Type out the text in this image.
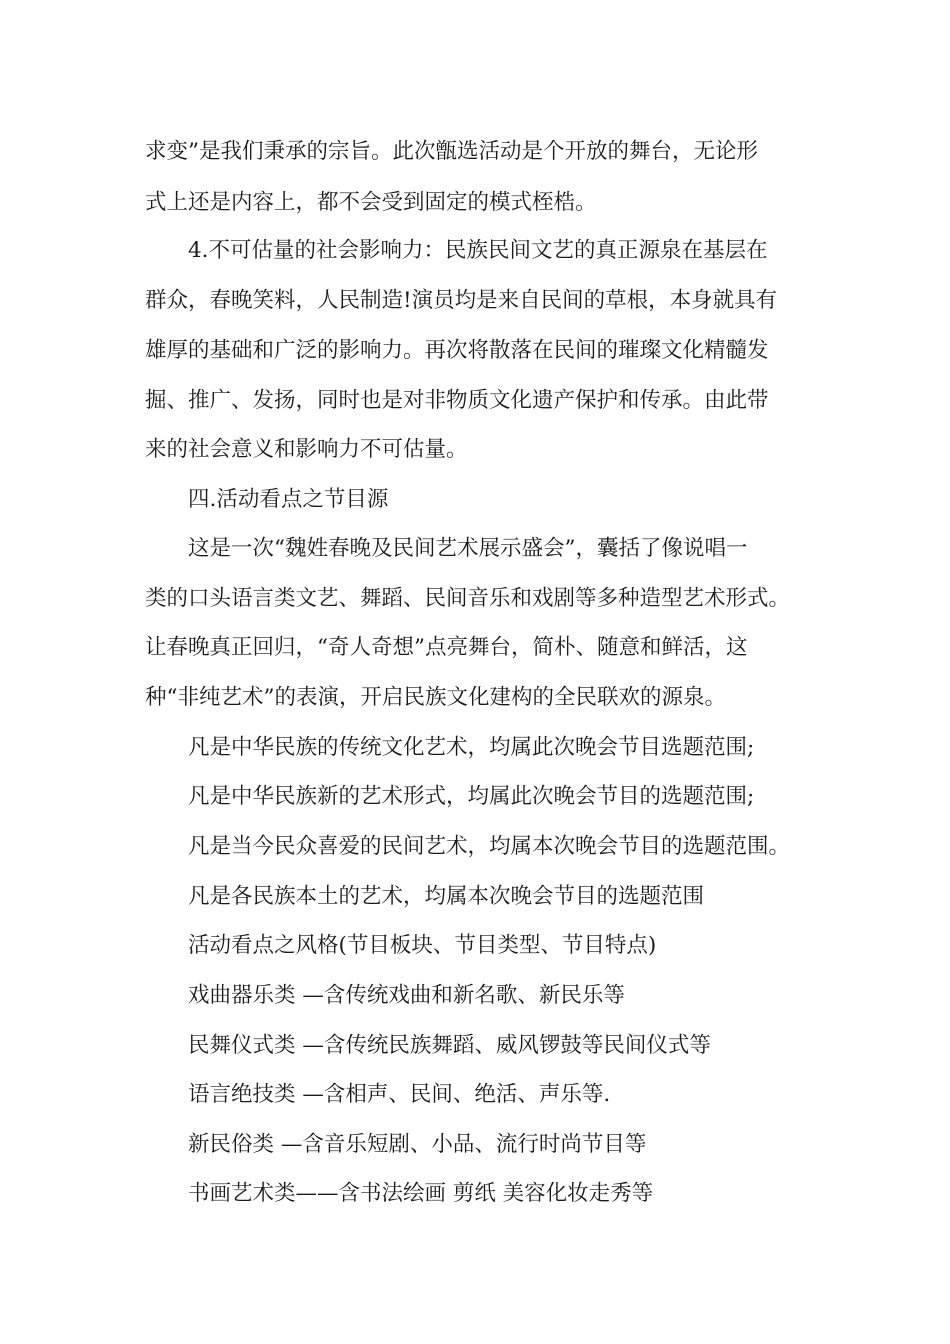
求变”是我们秉承的宗旨。此次甑选活动是个开放的舞台，无论形
式上还是内容上，都不会受到固定的模式桎梏。
4.不可估量的社会影响力：民族民间文艺的真正源泉在基层在
群众，春晚笑料，人民制造!演员均是来自民间的草根，本身就具有
雄厚的基础和广泛的影响力。再次将散落在民间的璀璨文化精髓发
掘、推广、发扬，同时也是对非物质文化遗产保护和传承。由此带
来的社会意义和影响力不可估量。
四.活动看点之节目源
这是一次“魏姓春晚及民间艺术展示盛会”，囊括了像说唱一
类的口头语言类文艺、舞蹈、民间音乐和戏剧等多种造型艺术形式。
让春晚真正回归，“奇人奇想”点亮舞台，简朴、随意和鲜活，这
种“非纯艺术”的表演，开启民族文化建构的全民联欢的源泉。
凡是中华民族的传统文化艺术，均属此次晚会节目选题范围;
凡是中华民族新的艺术形式，均属此次晚会节目的选题范围;
凡是当今民众喜爱的民间艺术，均属本次晚会节目的选题范围。
凡是各民族本土的艺术，均属本次晚会节目的选题范围
活动看点之风格(节目板块、节目类型、节目特点)
戏曲器乐类 —含传统戏曲和新名歌、新民乐等
民舞仪式类 —含传统民族舞蹈、威风锣鼓等民间仪式等
语言绝技类 —含相声、民间、绝活、声乐等.
新民俗类 —含音乐短剧、小品、流行时尚节目等
书画艺术类——含书法绘画 剪纸 美容化妆走秀等
